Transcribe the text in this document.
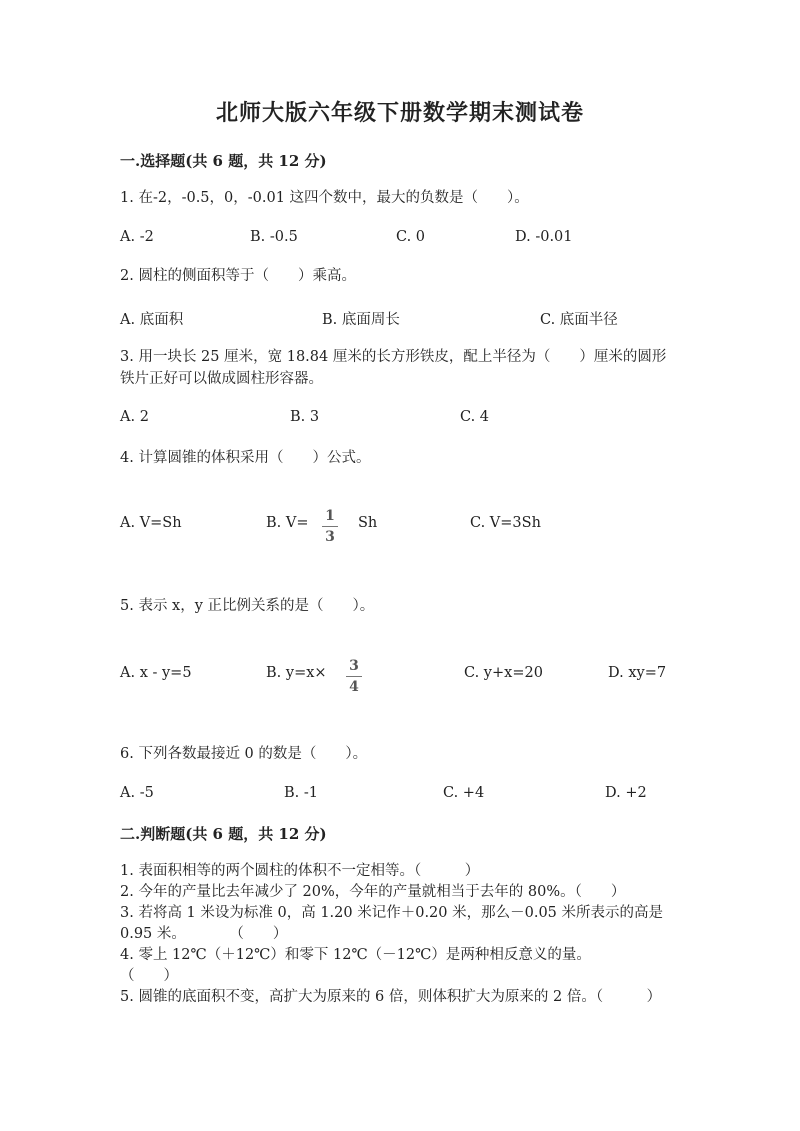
北师大版六年级下册数学期末测试卷
一.选择题(共 6 题，共 12 分)
1. 在-2，-0.5，0，-0.01 这四个数中，最大的负数是（　　）。
A. -2	B. -0.5	C. 0	D. -0.01
2. 圆柱的侧面积等于（　　）乘高。
A. 底面积	B. 底面周长	C. 底面半径
3. 用一块长 25 厘米，宽 18.84 厘米的长方形铁皮，配上半径为（　　）厘米的圆形铁片正好可以做成圆柱形容器。
A. 2	B. 3	C. 4
4. 计算圆锥的体积采用（　　）公式。
A. V=Sh	B. V=	1
3
Sh	C. V=3Sh
5. 表示 x，y 正比例关系的是（　　）。
A. x - y=5	B. y=x×	3
4
C. y+x=20	D. xy=7
6. 下列各数最接近 0 的数是（　　）。
A. -5	B. -1	C. +4	D. +2
二.判断题(共 6 题，共 12 分)
1. 表面积相等的两个圆柱的体积不一定相等。（　　　）
2. 今年的产量比去年减少了 20%，今年的产量就相当于去年的 80%。（　　）
3. 若将高 1 米设为标准 0，高 1.20 米记作＋0.20 米，那么－0.05 米所表示的高是 0.95 米。　　　　（　　）
4. 零上 12℃（＋12℃）和零下 12℃（－12℃）是两种相反意义的量。　　　　　（　　）
5. 圆锥的底面积不变，高扩大为原来的 6 倍，则体积扩大为原来的 2 倍。（　　　）
